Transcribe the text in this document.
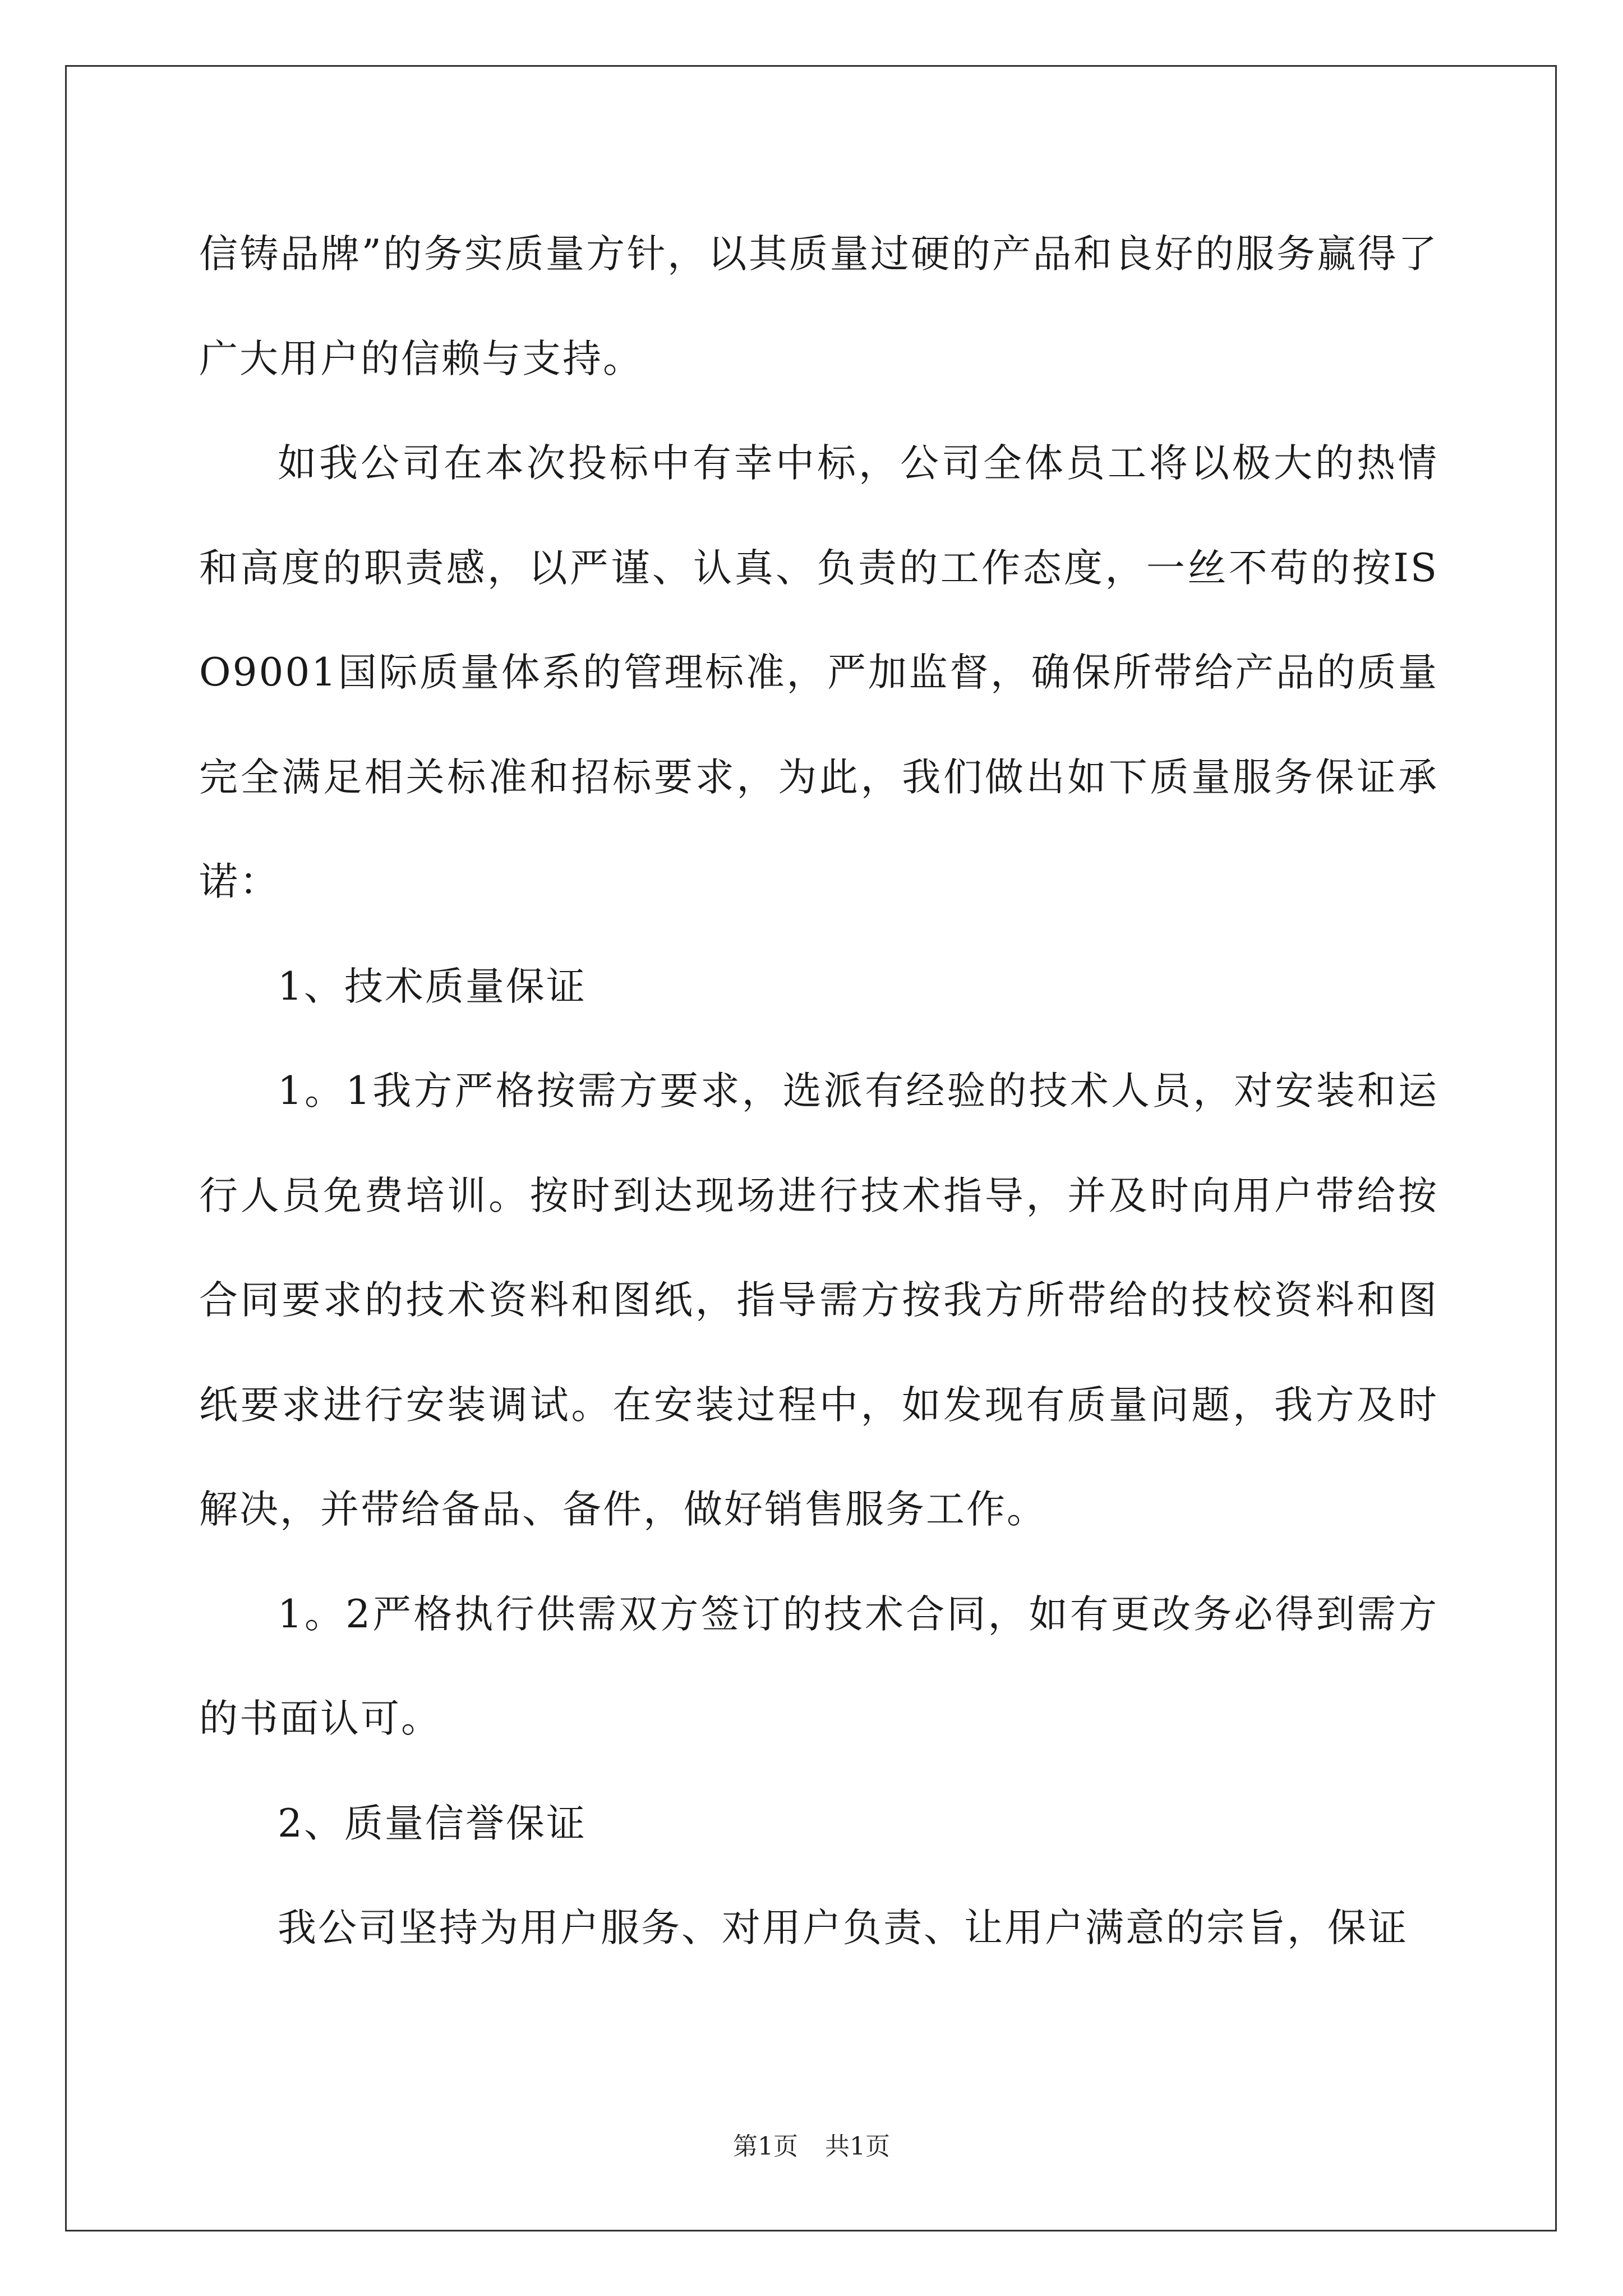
信铸品牌”的务实质量方针，以其质量过硬的产品和良好的服务赢得了广大用户的信赖与支持。

如我公司在本次投标中有幸中标，公司全体员工将以极大的热情和高度的职责感，以严谨、认真、负责的工作态度，一丝不苟的按ISO9001国际质量体系的管理标准，严加监督，确保所带给产品的质量完全满足相关标准和招标要求，为此，我们做出如下质量服务保证承诺：

1、技术质量保证

1。1我方严格按需方要求，选派有经验的技术人员，对安装和运行人员免费培训。按时到达现场进行技术指导，并及时向用户带给按合同要求的技术资料和图纸，指导需方按我方所带给的技校资料和图纸要求进行安装调试。在安装过程中，如发现有质量问题，我方及时解决，并带给备品、备件，做好销售服务工作。

1。2严格执行供需双方签订的技术合同，如有更改务必得到需方的书面认可。

2、质量信誉保证

我公司坚持为用户服务、对用户负责、让用户满意的宗旨，保证

第1页 共1页
